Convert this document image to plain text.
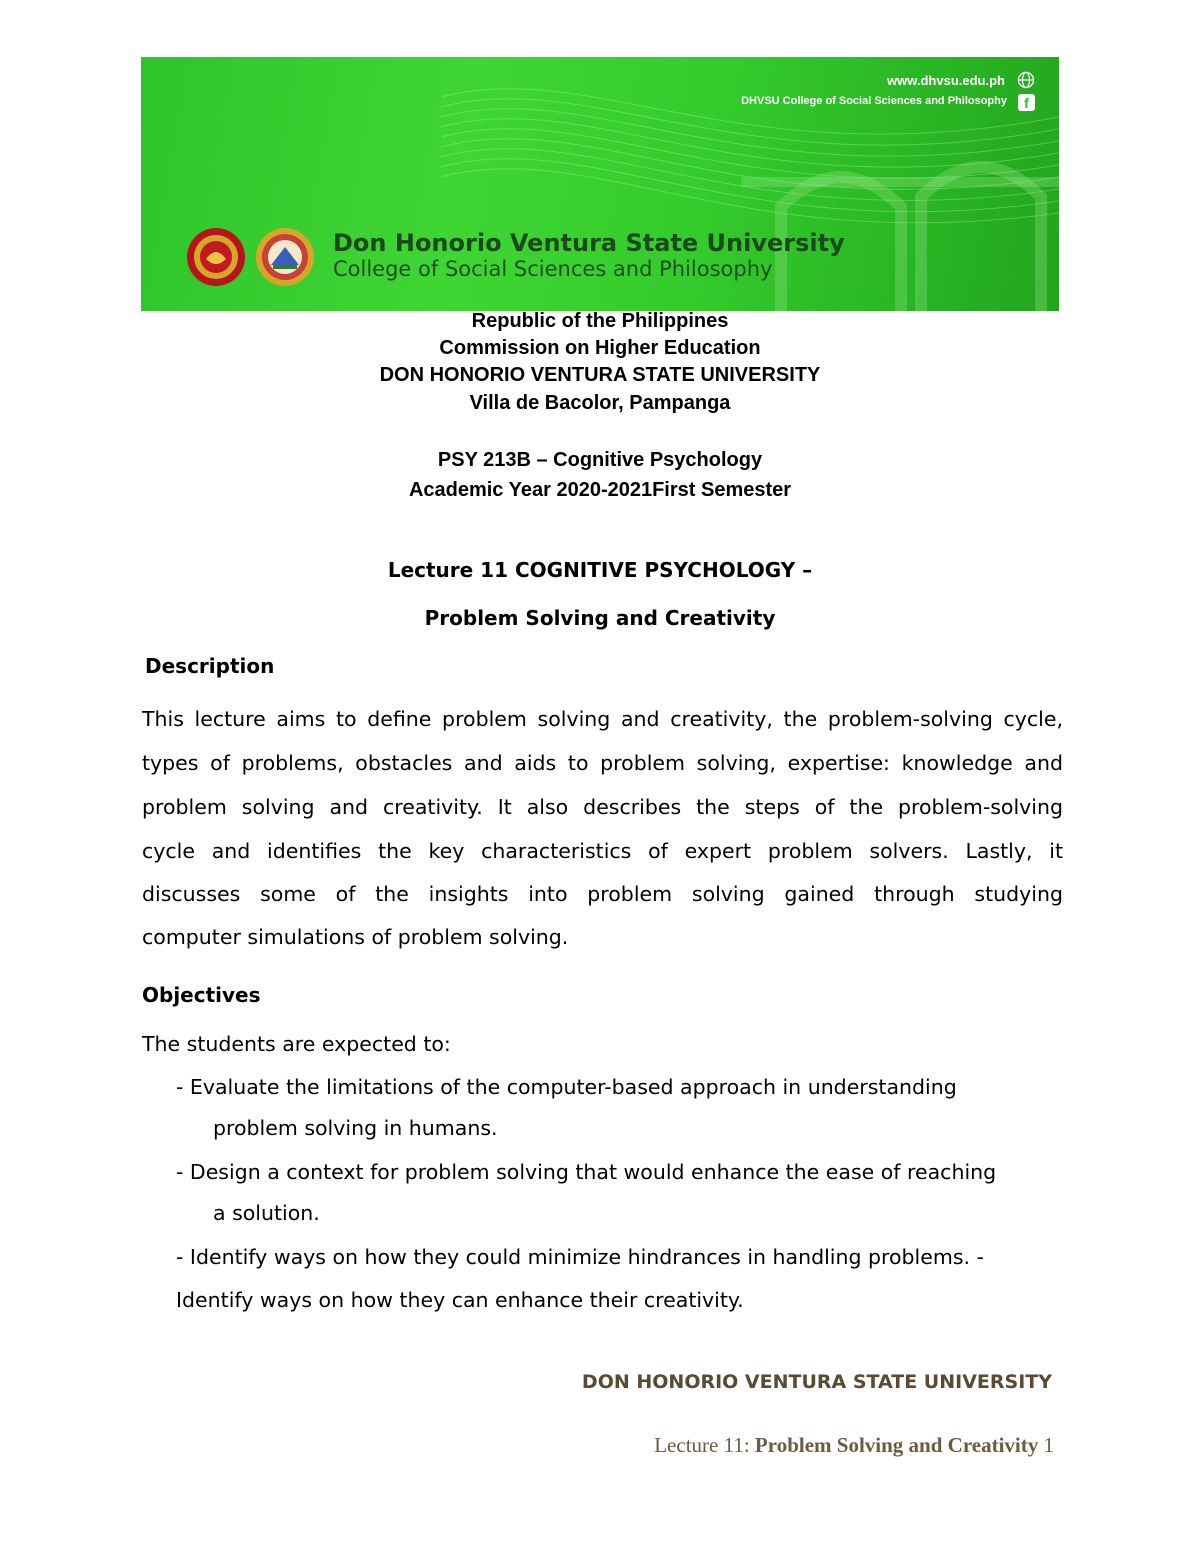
www.dhvsu.edu.ph
DHVSU College of Social Sciences and Philosophy	f
Don Honorio Ventura State University
College of Social Sciences and Philosophy
Republic of the Philippines
Commission on Higher Education
DON HONORIO VENTURA STATE UNIVERSITY
Villa de Bacolor, Pampanga
PSY 213B – Cognitive Psychology
Academic Year 2020-2021First Semester
Lecture 11 COGNITIVE PSYCHOLOGY –
Problem Solving and Creativity
Description
This lecture aims to define problem solving and creativity, the problem-solving cycle,
types of problems, obstacles and aids to problem solving, expertise: knowledge and
problem solving and creativity. It also describes the steps of the problem-solving
cycle and identifies the key characteristics of expert problem solvers. Lastly, it
discusses some of the insights into problem solving gained through studying
computer simulations of problem solving.
Objectives
The students are expected to:
- Evaluate the limitations of the computer-based approach in understanding
problem solving in humans.
- Design a context for problem solving that would enhance the ease of reaching
a solution.
- Identify ways on how they could minimize hindrances in handling problems. -
Identify ways on how they can enhance their creativity.
DON HONORIO VENTURA STATE UNIVERSITY
Lecture 11: Problem Solving and Creativity 1
